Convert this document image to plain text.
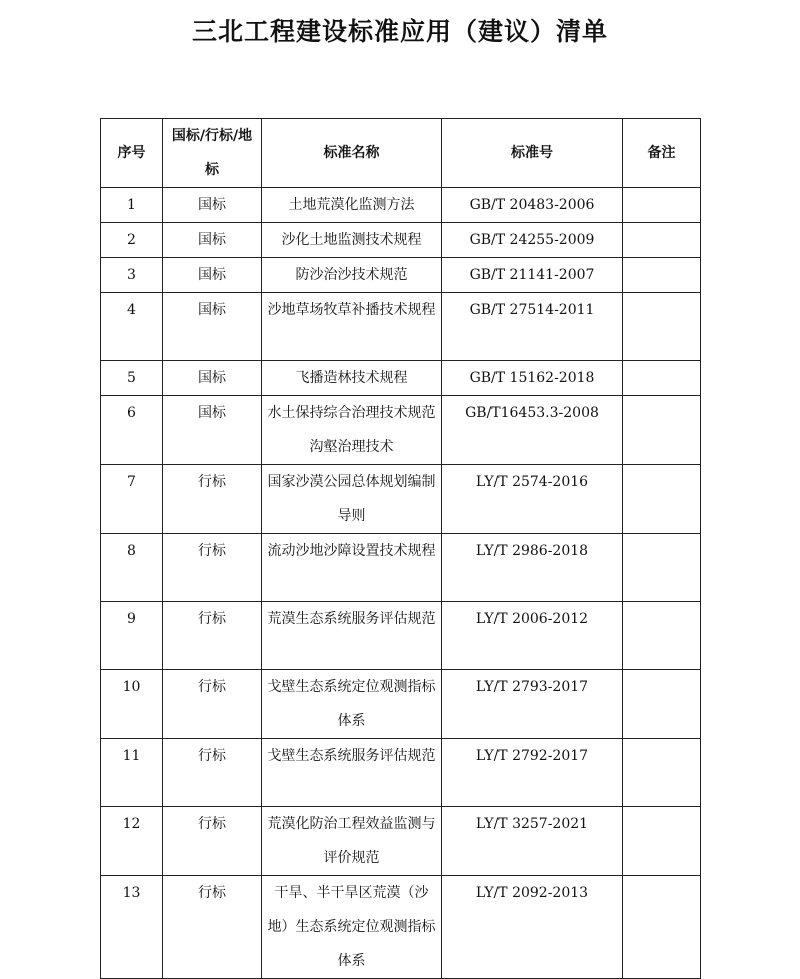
三北工程建设标准应用（建议）清单
序号	国标/行标/地标	标准名称	标准号	备注
1	国标	土地荒漠化监测方法	GB/T 20483-2006	
2	国标	沙化土地监测技术规程	GB/T 24255-2009	
3	国标	防沙治沙技术规范	GB/T 21141-2007	
4	国标	沙地草场牧草补播技术规程	GB/T 27514-2011	
5	国标	飞播造林技术规程	GB/T 15162-2018	
6	国标	水土保持综合治理技术规范沟壑治理技术	GB/T16453.3-2008	
7	行标	国家沙漠公园总体规划编制导则	LY/T 2574-2016	
8	行标	流动沙地沙障设置技术规程	LY/T 2986-2018	
9	行标	荒漠生态系统服务评估规范	LY/T 2006-2012	
10	行标	戈壁生态系统定位观测指标体系	LY/T 2793-2017	
11	行标	戈壁生态系统服务评估规范	LY/T 2792-2017	
12	行标	荒漠化防治工程效益监测与评价规范	LY/T 3257-2021	
13	行标	干旱、半干旱区荒漠（沙地）生态系统定位观测指标体系	LY/T 2092-2013	
